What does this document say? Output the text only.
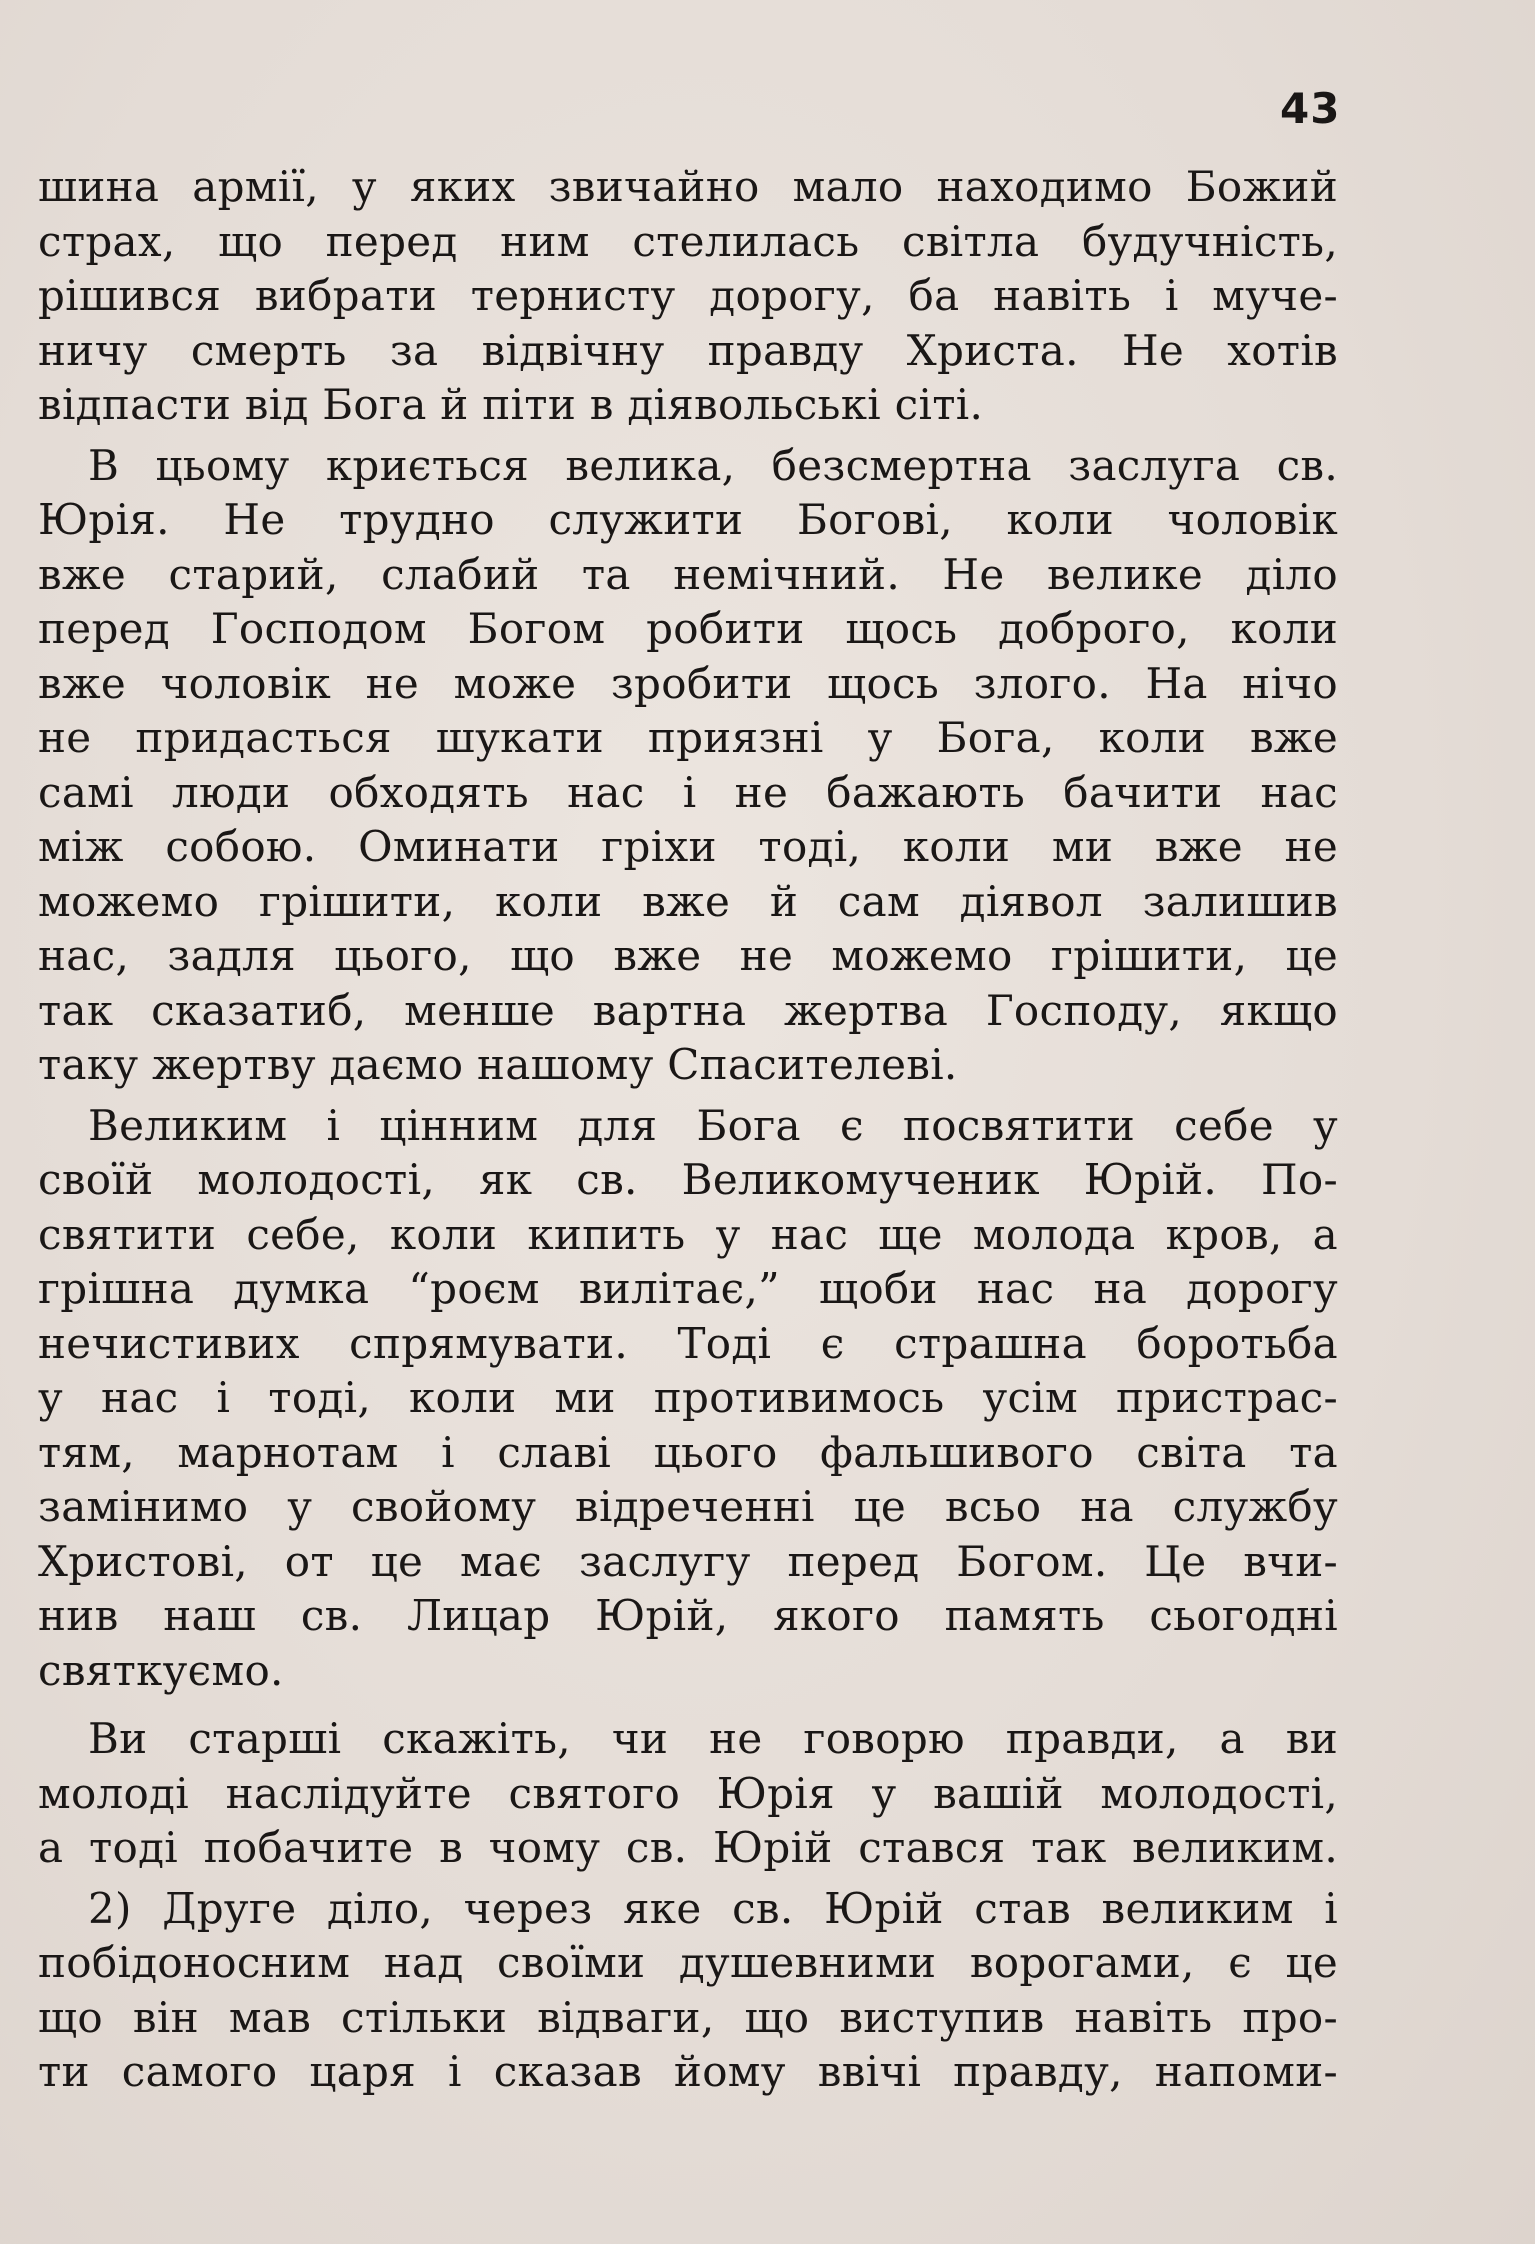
43
шина армії, у яких звичайно мало находимо Божий
страх, що перед ним стелилась світла будучність,
рішився вибрати тернисту дорогу, ба навіть і муче-
ничу смерть за відвічну правду Христа. Не хотів
відпасти від Бога й піти в діявольські сіті.
В цьому криється велика, безсмертна заслуга св.
Юрія. Не трудно служити Богові, коли чоловік
вже старий, слабий та немічний. Не велике діло
перед Господом Богом робити щось доброго, коли
вже чоловік не може зробити щось злого. На нічо
не придасться шукати приязні у Бога, коли вже
самі люди обходять нас і не бажають бачити нас
між собою. Оминати гріхи тоді, коли ми вже не
можемо грішити, коли вже й сам діявол залишив
нас, задля цього, що вже не можемо грішити, це
так сказатиб, менше вартна жертва Господу, якщо
таку жертву даємо нашому Спасителеві.
Великим і цінним для Бога є посвятити себе у
своїй молодості, як св. Великомученик Юрій. По-
святити себе, коли кипить у нас ще молода кров, а
грішна думка “роєм вилітає,” щоби нас на дорогу
нечистивих спрямувати. Тоді є страшна боротьба
у нас і тоді, коли ми противимось усім пристрас-
тям, марнотам і славі цього фальшивого світа та
замінимо у свойому відреченні це всьо на службу
Христові, от це має заслугу перед Богом. Це вчи-
нив наш св. Лицар Юрій, якого память сьогодні
святкуємо.
Ви старші скажіть, чи не говорю правди, а ви
молоді наслідуйте святого Юрія у вашій молодості,
а тоді побачите в чому св. Юрій стався так великим.
2) Друге діло, через яке св. Юрій став великим і
побідоносним над своїми душевними ворогами, є це
що він мав стільки відваги, що виступив навіть про-
ти самого царя і сказав йому ввічі правду, напоми-
